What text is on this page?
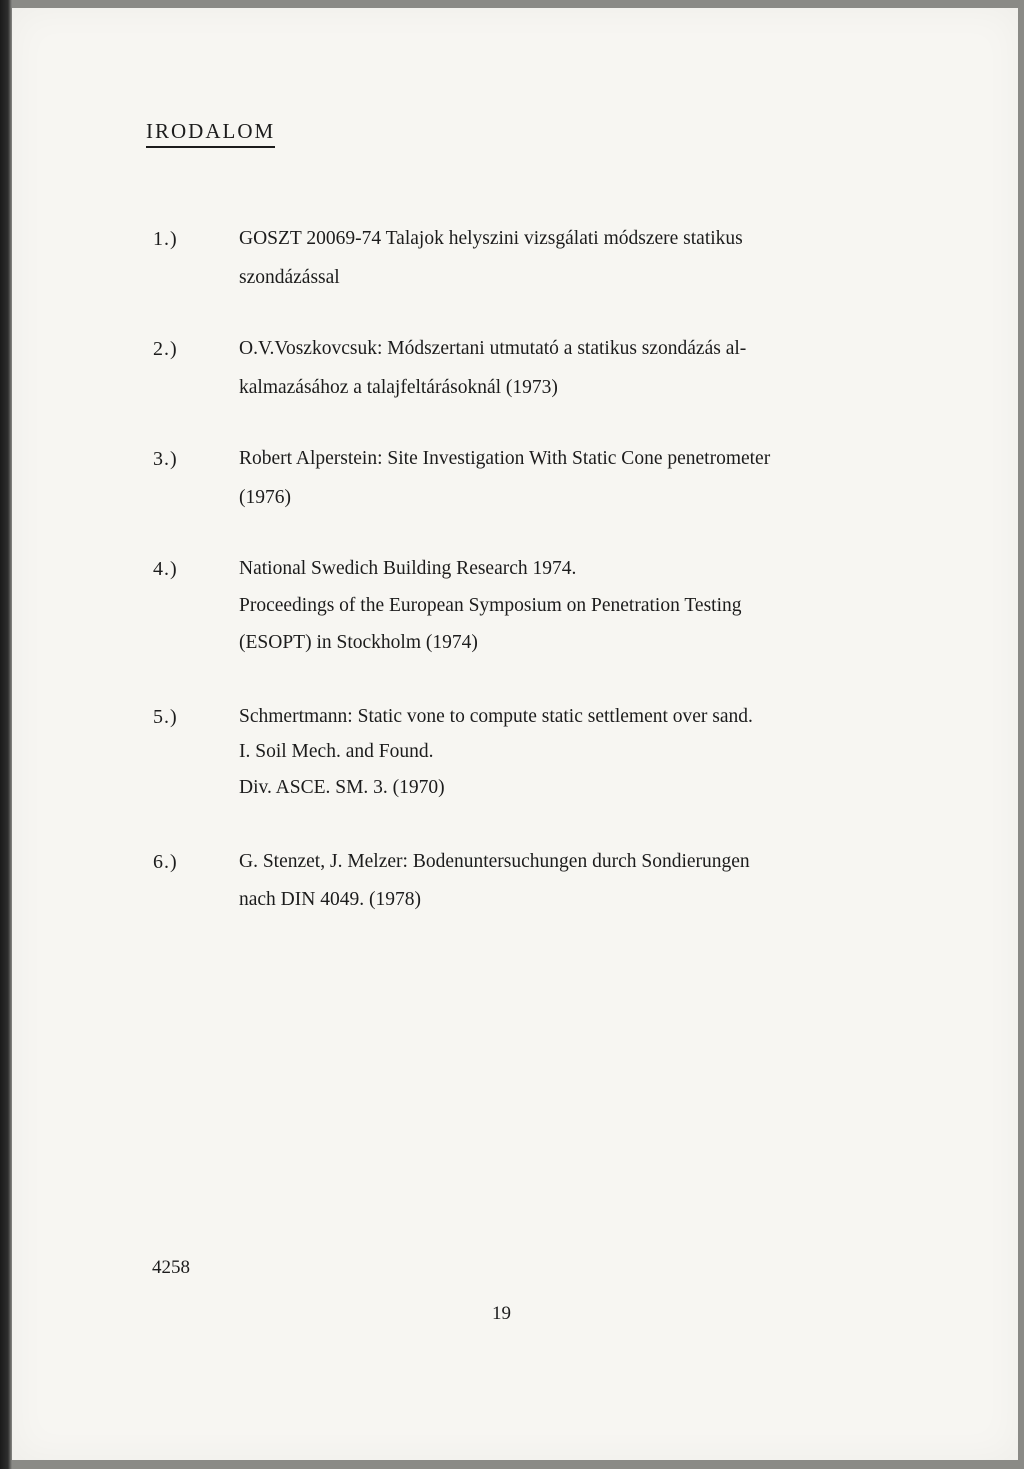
IRODALOM
1.)	GOSZT 20069-74 Talajok helyszini vizsgálati módszere statikus
szondázással
2.)	O.V.Voszkovcsuk: Módszertani utmutató a statikus szondázás al-
kalmazásához a talajfeltárásoknál (1973)
3.)	Robert Alperstein: Site Investigation With Static Cone penetrometer
(1976)
4.)	National Swedich Building Research 1974.
Proceedings of the European Symposium on Penetration Testing
(ESOPT) in Stockholm (1974)
5.)	Schmertmann: Static vone to compute static settlement over sand.
I. Soil Mech. and Found.
Div. ASCE. SM. 3. (1970)
6.)	G. Stenzet, J. Melzer: Bodenuntersuchungen durch Sondierungen
nach DIN 4049. (1978)
4258
19
